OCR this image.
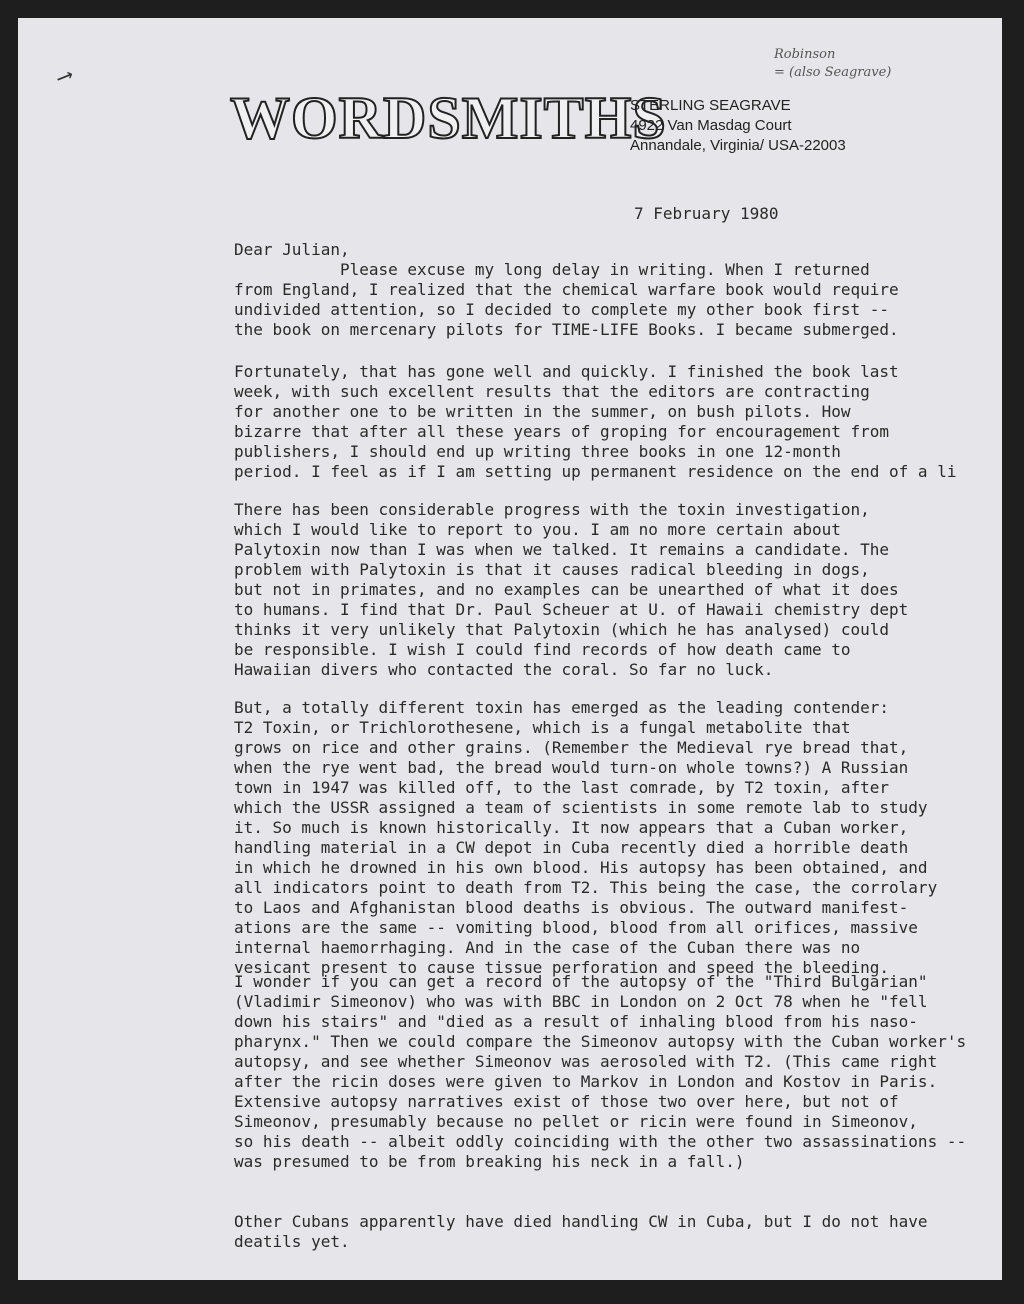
⟶
Robinson
= (also Seagrave)
WORDSMITHS
STERLING SEAGRAVE
4922 Van Masdag Court
Annandale, Virginia/ USA-22003
7 February 1980
Dear Julian,
Please excuse my long delay in writing. When I returned
from England, I realized that the chemical warfare book would require
undivided attention, so I decided to complete my other book first --
the book on mercenary pilots for TIME-LIFE Books. I became submerged.
Fortunately, that has gone well and quickly. I finished the book last
week, with such excellent results that the editors are contracting
for another one to be written in the summer, on bush pilots. How
bizarre that after all these years of groping for encouragement from
publishers, I should end up writing three books in one 12-month
period. I feel as if I am setting up permanent residence on the end of a li
There has been considerable progress with the toxin investigation,
which I would like to report to you. I am no more certain about
Palytoxin now than I was when we talked. It remains a candidate. The
problem with Palytoxin is that it causes radical bleeding in dogs,
but not in primates, and no examples can be unearthed of what it does
to humans. I find that Dr. Paul Scheuer at U. of Hawaii chemistry dept
thinks it very unlikely that Palytoxin (which he has analysed) could
be responsible. I wish I could find records of how death came to
Hawaiian divers who contacted the coral. So far no luck.
But, a totally different toxin has emerged as the leading contender:
T2 Toxin, or Trichlorothesene, which is a fungal metabolite that
grows on rice and other grains. (Remember the Medieval rye bread that,
when the rye went bad, the bread would turn-on whole towns?) A Russian
town in 1947 was killed off, to the last comrade, by T2 toxin, after
which the USSR assigned a team of scientists in some remote lab to study
it. So much is known historically. It now appears that a Cuban worker,
handling material in a CW depot in Cuba recently died a horrible death
in which he drowned in his own blood. His autopsy has been obtained, and
all indicators point to death from T2. This being the case, the corrolary
to Laos and Afghanistan blood deaths is obvious. The outward manifest-
ations are the same -- vomiting blood, blood from all orifices, massive
internal haemorrhaging. And in the case of the Cuban there was no
vesicant present to cause tissue perforation and speed the bleeding.
I wonder if you can get a record of the autopsy of the "Third Bulgarian"
(Vladimir Simeonov) who was with BBC in London on 2 Oct 78 when he "fell
down his stairs" and "died as a result of inhaling blood from his naso-
pharynx." Then we could compare the Simeonov autopsy with the Cuban worker's
autopsy, and see whether Simeonov was aerosoled with T2. (This came right
after the ricin doses were given to Markov in London and Kostov in Paris.
Extensive autopsy narratives exist of those two over here, but not of
Simeonov, presumably because no pellet or ricin were found in Simeonov,
so his death -- albeit oddly coinciding with the other two assassinations --
was presumed to be from breaking his neck in a fall.)
Other Cubans apparently have died handling CW in Cuba, but I do not have
deatils yet.
